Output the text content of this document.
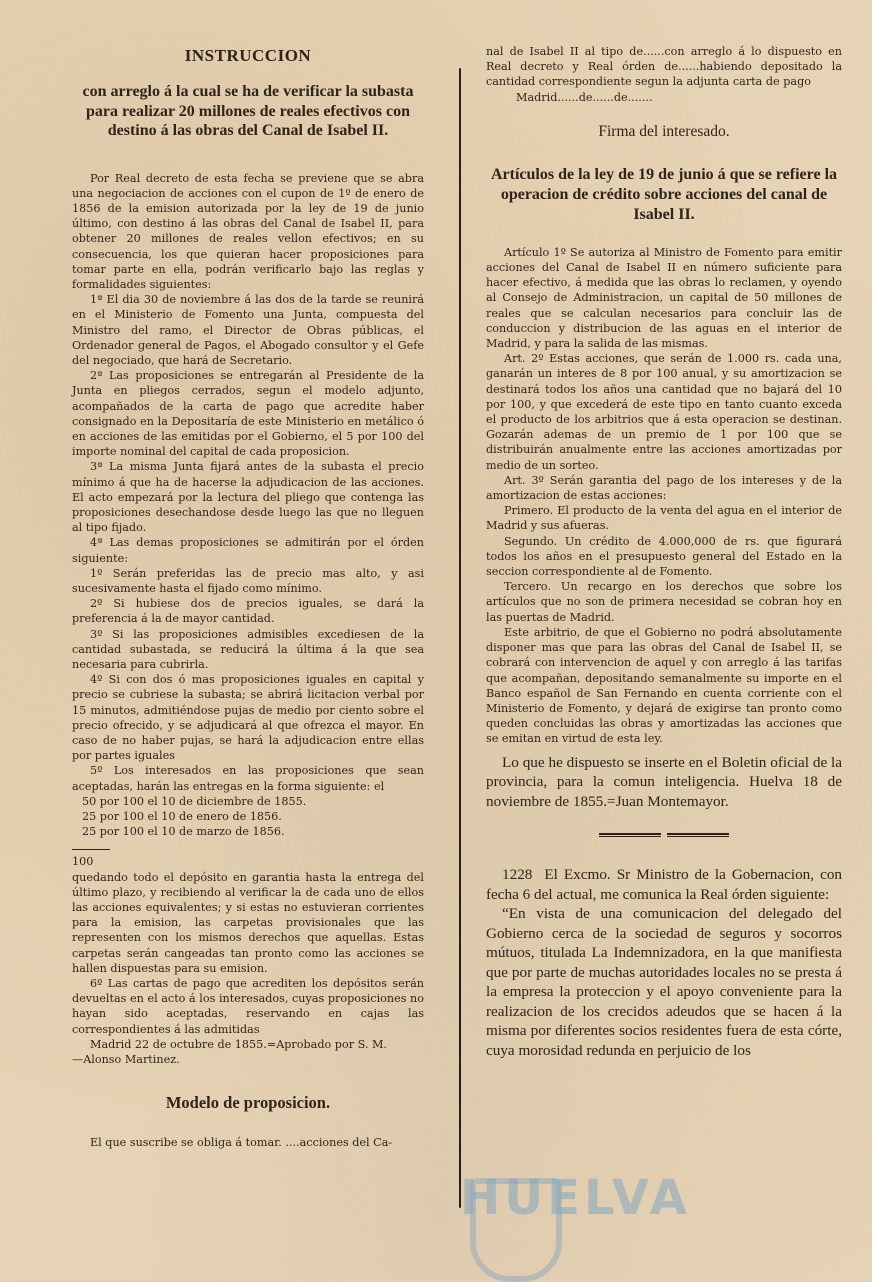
HUELVA
INSTRUCCION
con arreglo á la cual se ha de verificar la subasta para realizar 20 millones de reales efectivos con destino á las obras del Canal de Isabel II.

Por Real decreto de esta fecha se previene que se abra una negociacion de acciones con el cupon de 1º de enero de 1856 de la emision autorizada por la ley de 19 de junio último, con destino á las obras del Canal de Isabel II, para obtener 20 millones de reales vellon efectivos; en su consecuencia, los que quieran hacer proposiciones para tomar parte en ella, podrán verificarlo bajo las reglas y formalidades siguientes:

1ª El dia 30 de noviembre á las dos de la tarde se reunirá en el Ministerio de Fomento una Junta, compuesta del Ministro del ramo, el Director de Obras públicas, el Ordenador general de Pagos, el Abogado consultor y el Gefe del negociado, que hará de Secretario.

2ª Las proposiciones se entregarán al Presidente de la Junta en pliegos cerrados, segun el modelo adjunto, acompañados de la carta de pago que acredite haber consignado en la Depositaría de este Ministerio en metálico ó en acciones de las emitidas por el Gobierno, el 5 por 100 del importe nominal del capital de cada proposicion.

3ª La misma Junta fijará antes de la subasta el precio mínimo á que ha de hacerse la adjudicacion de las acciones. El acto empezará por la lectura del pliego que contenga las proposiciones desechandose desde luego las que no lleguen al tipo fijado.

4ª Las demas proposiciones se admitirán por el órden siguiente:

1º Serán preferidas las de precio mas alto, y asi sucesivamente hasta el fijado como mínimo.

2º Si hubiese dos de precios iguales, se dará la preferencia á la de mayor cantidad.

3º Si las proposiciones admisibles excediesen de la cantidad subastada, se reducirá la última á la que sea necesaria para cubrirla.

4º Si con dos ó mas proposiciones iguales en capital y precio se cubriese la subasta; se abrirá licitacion verbal por 15 minutos, admitiéndose pujas de medio por ciento sobre el precio ofrecido, y se adjudicará al que ofrezca el mayor. En caso de no haber pujas, se hará la adjudicacion entre ellas por partes iguales

5º Los interesados en las proposiciones que sean aceptadas, harán las entregas en la forma siguiente: el

50 por 100 el 10 de diciembre de 1855.
25 por 100 el 10 de enero de 1856.
25 por 100 el 10 de marzo de 1856.

100

quedando todo el depósito en garantia hasta la entrega del último plazo, y recibiendo al verificar la de cada uno de ellos las acciones equivalentes; y si estas no estuvieran corrientes para la emision, las carpetas provisionales que las representen con los mismos derechos que aquellas. Estas carpetas serán cangeadas tan pronto como las acciones se hallen dispuestas para su emision.

6º Las cartas de pago que acrediten los depósitos serán devueltas en el acto á los interesados, cuyas proposiciones no hayan sido aceptadas, reservando en cajas las correspondientes á las admitidas

Madrid 22 de octubre de 1855.=Aprobado por S. M.

—Alonso Martinez.

Modelo de proposicion.

El que suscribe se obliga á tomar. ....acciones del Ca-

nal de Isabel II al tipo de......con arreglo á lo dispuesto en Real decreto y Real órden de......habiendo depositado la cantidad correspondiente segun la adjunta carta de pago

Madrid......de......de.......

Firma del interesado.
Artículos de la ley de 19 de junio á que se refiere la operacion de crédito sobre acciones del canal de Isabel II.

Artículo 1º Se autoriza al Ministro de Fomento para emitir acciones del Canal de Isabel II en número suficiente para hacer efectivo, á medida que las obras lo reclamen, y oyendo al Consejo de Administracion, un capital de 50 millones de reales que se calculan necesarios para concluir las de conduccion y distribucion de las aguas en el interior de Madrid, y para la salida de las mismas.

Art. 2º Estas acciones, que serán de 1.000 rs. cada una, ganarán un interes de 8 por 100 anual, y su amortizacion se destinará todos los años una cantidad que no bajará del 10 por 100, y que excederá de este tipo en tanto cuanto exceda el producto de los arbitrios que á esta operacion se destinan. Gozarán ademas de un premio de 1 por 100 que se distribuirán anualmente entre las acciones amortizadas por medio de un sorteo.

Art. 3º Serán garantia del pago de los intereses y de la amortizacion de estas acciones:

Primero. El producto de la venta del agua en el interior de Madrid y sus afueras.

Segundo. Un crédito de 4.000,000 de rs. que figurará todos los años en el presupuesto general del Estado en la seccion correspondiente al de Fomento.

Tercero. Un recargo en los derechos que sobre los artículos que no son de primera necesidad se cobran hoy en las puertas de Madrid.

Este arbitrio, de que el Gobierno no podrá absolutamente disponer mas que para las obras del Canal de Isabel II, se cobrará con intervencion de aquel y con arreglo á las tarifas que acompañan, depositando semanalmente su importe en el Banco español de San Fernando en cuenta corriente con el Ministerio de Fomento, y dejará de exigirse tan pronto como queden concluidas las obras y amortizadas las acciones que se emitan en virtud de esta ley.

Lo que he dispuesto se inserte en el Boletin oficial de la provincia, para la comun inteligencia. Huelva 18 de noviembre de 1855.=Juan Montemayor.

1228 El Excmo. Sr Ministro de la Gobernacion, con fecha 6 del actual, me comunica la Real órden siguiente:

“En vista de una comunicacion del delegado del Gobierno cerca de la sociedad de seguros y socorros mútuos, titulada La Indemnizadora, en la que manifiesta que por parte de muchas autoridades locales no se presta á la empresa la proteccion y el apoyo conveniente para la realizacion de los crecidos adeudos que se hacen á la misma por diferentes socios residentes fuera de esta córte, cuya morosidad redunda en perjuicio de los
